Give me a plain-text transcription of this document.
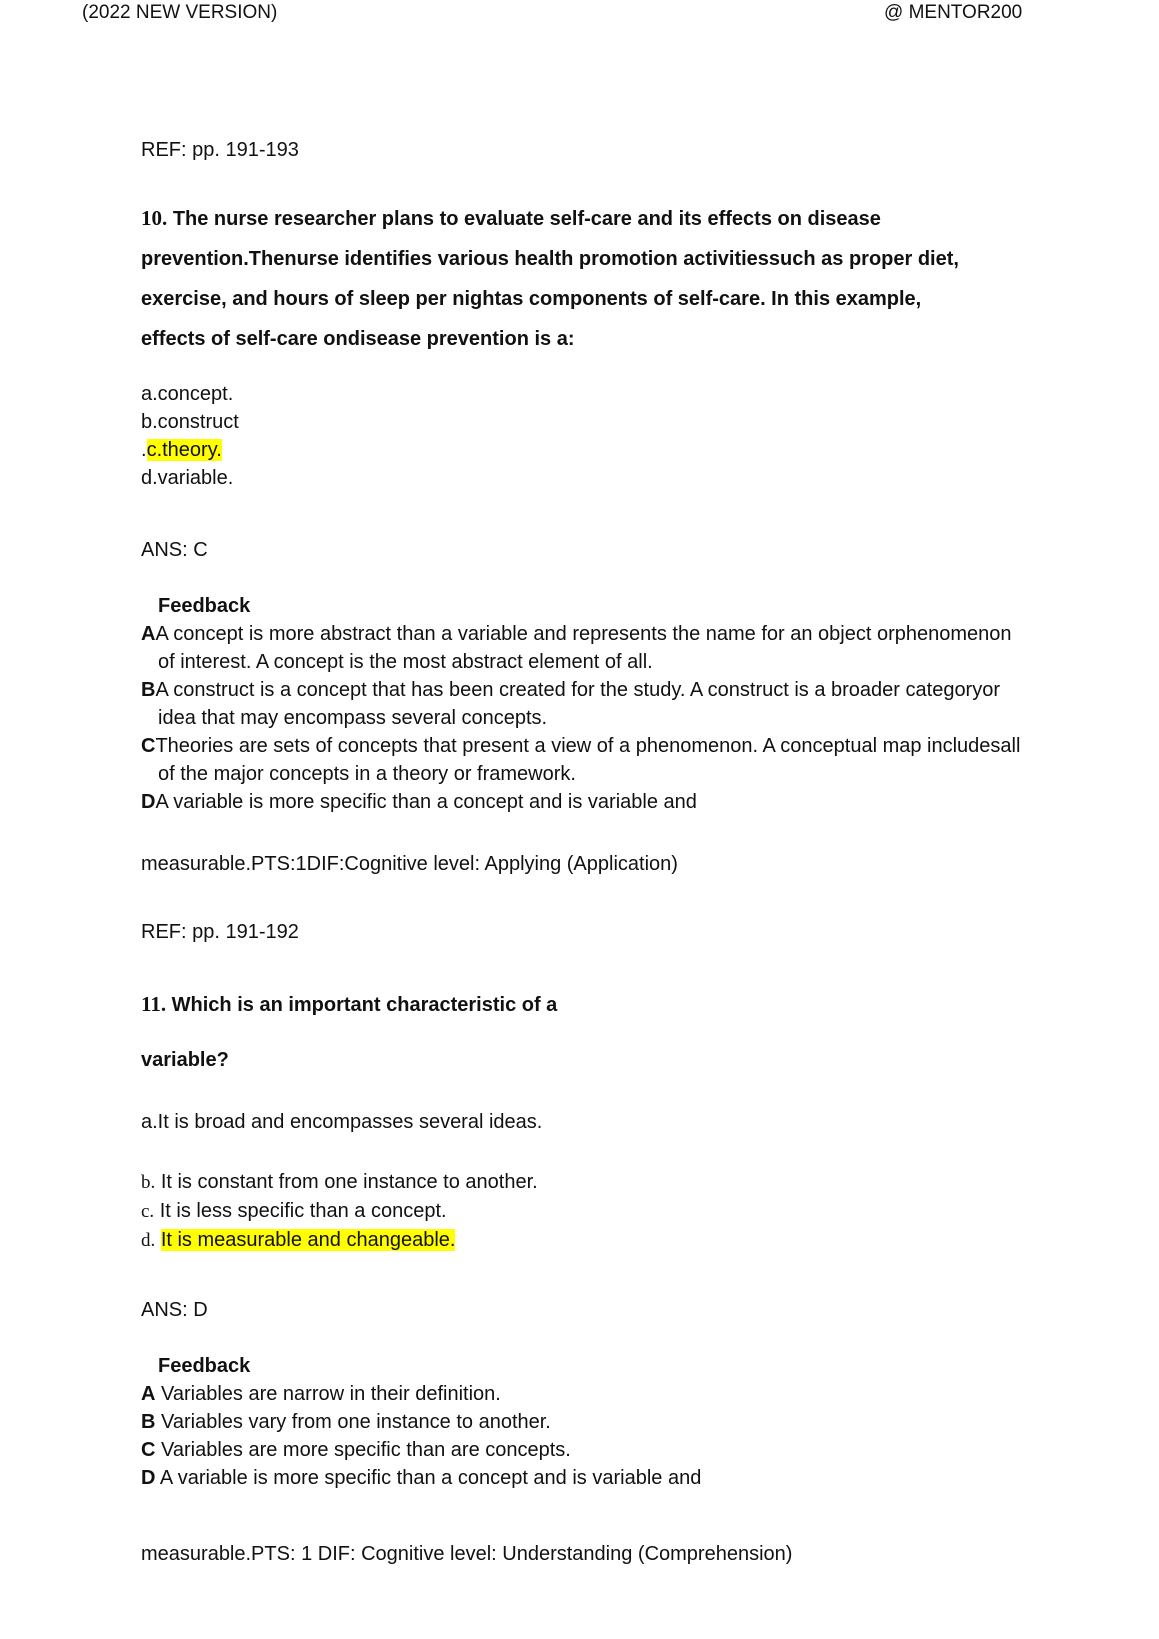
(2022 NEW VERSION)	@ MENTOR200
REF: pp. 191-193
10. The nurse researcher plans to evaluate self-care and its effects on disease
prevention.Thenurse identifies various health promotion activitiessuch as proper diet,
exercise, and hours of sleep per nightas components of self-care. In this example,
effects of self-care ondisease prevention is a:
a.concept.
b.construct
.c.theory.
d.variable.
ANS: C
Feedback
AA concept is more abstract than a variable and represents the name for an object orphenomenon of interest. A concept is the most abstract element of all.
BA construct is a concept that has been created for the study. A construct is a broader categoryor idea that may encompass several concepts.
CTheories are sets of concepts that present a view of a phenomenon. A conceptual map includesall of the major concepts in a theory or framework.
DA variable is more specific than a concept and is variable and
measurable.PTS:1DIF:Cognitive level: Applying (Application)
REF: pp. 191-192
11. Which is an important characteristic of a
variable?
a.It is broad and encompasses several ideas.
b. It is constant from one instance to another.
c. It is less specific than a concept.
d. It is measurable and changeable.
ANS: D
Feedback
A Variables are narrow in their definition.
B Variables vary from one instance to another.
C Variables are more specific than are concepts.
D A variable is more specific than a concept and is variable and
measurable.PTS: 1 DIF: Cognitive level: Understanding (Comprehension)
